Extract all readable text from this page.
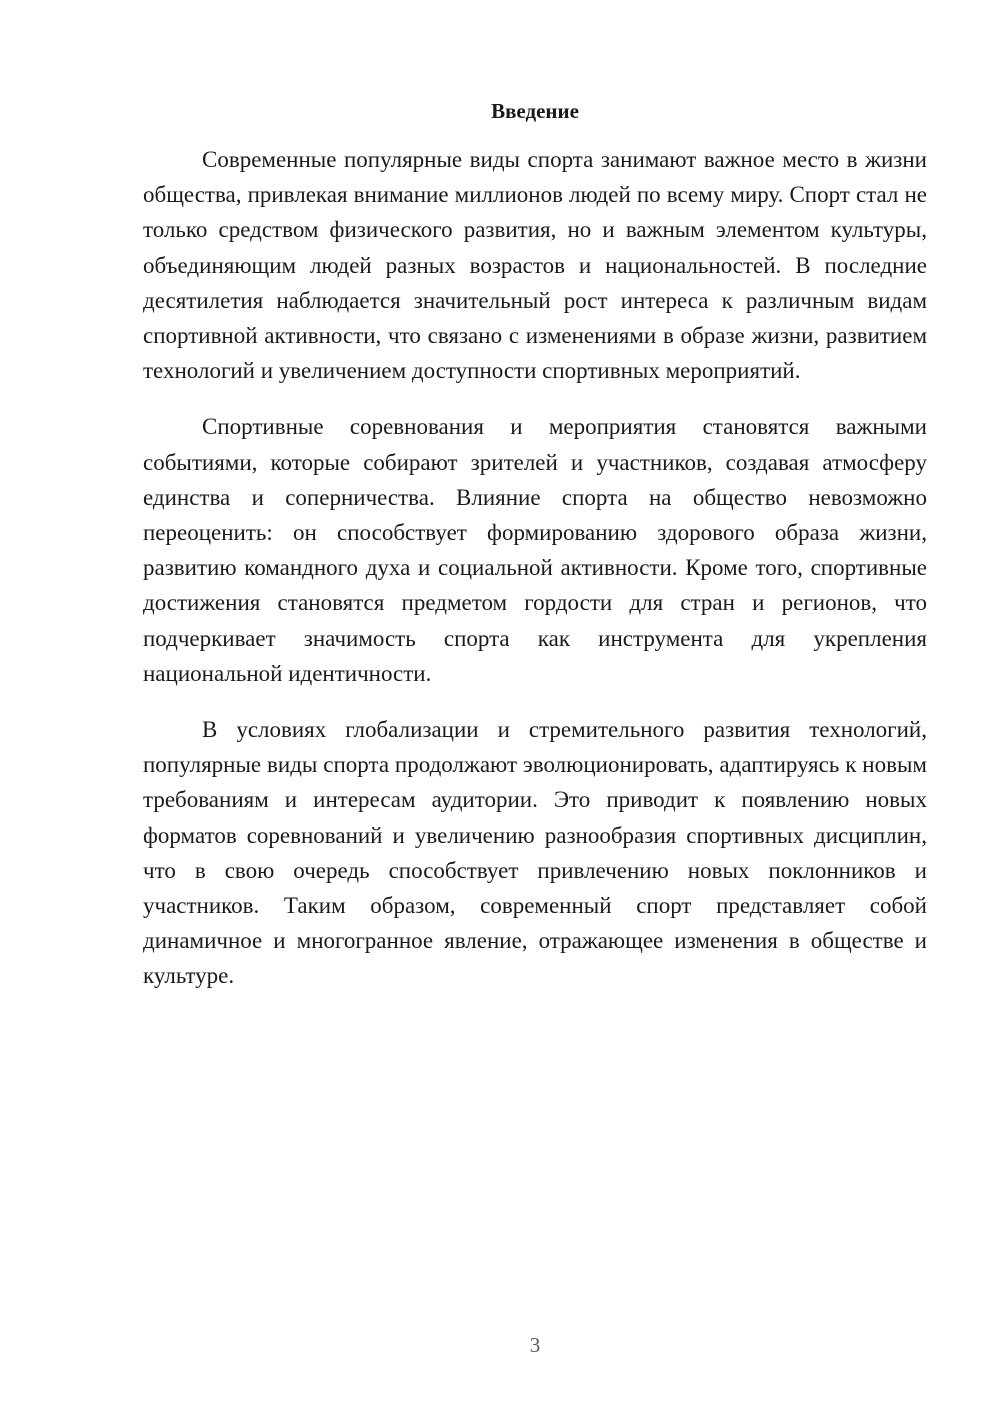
Введение

Современные популярные виды спорта занимают важное место в жизни общества, привлекая внимание миллионов людей по всему миру. Спорт стал не только средством физического развития, но и важным элементом культуры, объединяющим людей разных возрастов и национальностей. В последние десятилетия наблюдается значительный рост интереса к различным видам спортивной активности, что связано с изменениями в образе жизни, развитием технологий и увеличением доступности спортивных мероприятий.

Спортивные соревнования и мероприятия становятся важными событиями, которые собирают зрителей и участников, создавая атмосферу единства и соперничества. Влияние спорта на общество невозможно переоценить: он способствует формированию здорового образа жизни, развитию командного духа и социальной активности. Кроме того, спортивные достижения становятся предметом гордости для стран и регионов, что подчеркивает значимость спорта как инструмента для укрепления национальной идентичности.

В условиях глобализации и стремительного развития технологий, популярные виды спорта продолжают эволюционировать, адаптируясь к новым требованиям и интересам аудитории. Это приводит к появлению новых форматов соревнований и увеличению разнообразия спортивных дисциплин, что в свою очередь способствует привлечению новых поклонников и участников. Таким образом, современный спорт представляет собой динамичное и многогранное явление, отражающее изменения в обществе и культуре.

3
